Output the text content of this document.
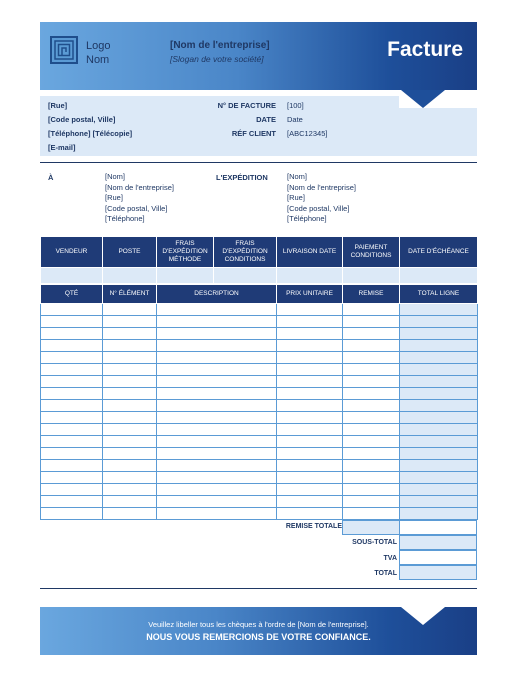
Logo
Nom
[Nom de l'entreprise]
[Slogan de votre société]	Facture
[Rue]
[Code postal, Ville]
[Téléphone] [Télécopie]
[E-mail]
N° DE FACTURE [100]
DATE Date
RÉF CLIENT [ABC12345]
À	[Nom]
[Nom de l'entreprise]
[Rue]
[Code postal, Ville]
[Téléphone]
L'EXPÉDITION	[Nom]
[Nom de l'entreprise]
[Rue]
[Code postal, Ville]
[Téléphone]
VENDEUR	POSTE	FRAIS D'EXPÉDITION MÉTHODE	FRAIS D'EXPÉDITION CONDITIONS	LIVRAISON DATE	PAIEMENT CONDITIONS	DATE D'ÉCHÉANCE

QTÉ	N° ÉLÉMENT	DESCRIPTION	PRIX UNITAIRE	REMISE	TOTAL LIGNE

REMISE TOTALE
SOUS-TOTAL
TVA
TOTAL
Veuillez libeller tous les chèques à l'ordre de [Nom de l'entreprise].
NOUS VOUS REMERCIONS DE VOTRE CONFIANCE.
